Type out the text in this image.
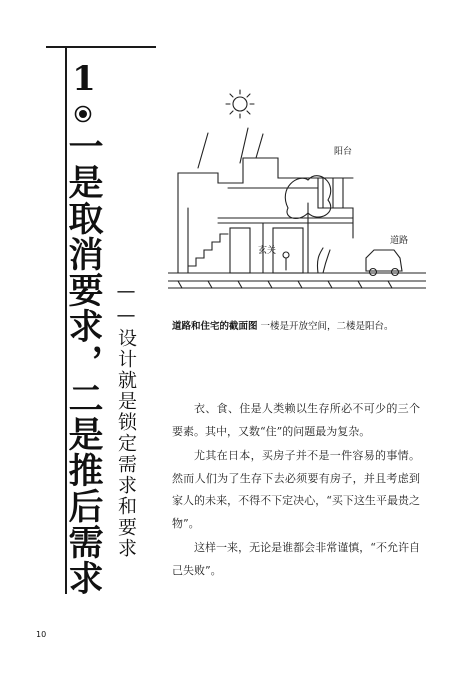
1
一是取消要求，二是推后需求 ——设计就是锁定需求和要求
阳台
玄关
道路
道路和住宅的截面图 一楼是开放空间，二楼是阳台。

衣、食、住是人类赖以生存所必不可少的三个要素。其中，又数“住”的问题最为复杂。

尤其在日本，买房子并不是一件容易的事情。然而人们为了生存下去必须要有房子，并且考虑到家人的未来，不得不下定决心，“买下这生平最贵之物”。

这样一来，无论是谁都会非常谨慎，“不允许自己失败”。

10
